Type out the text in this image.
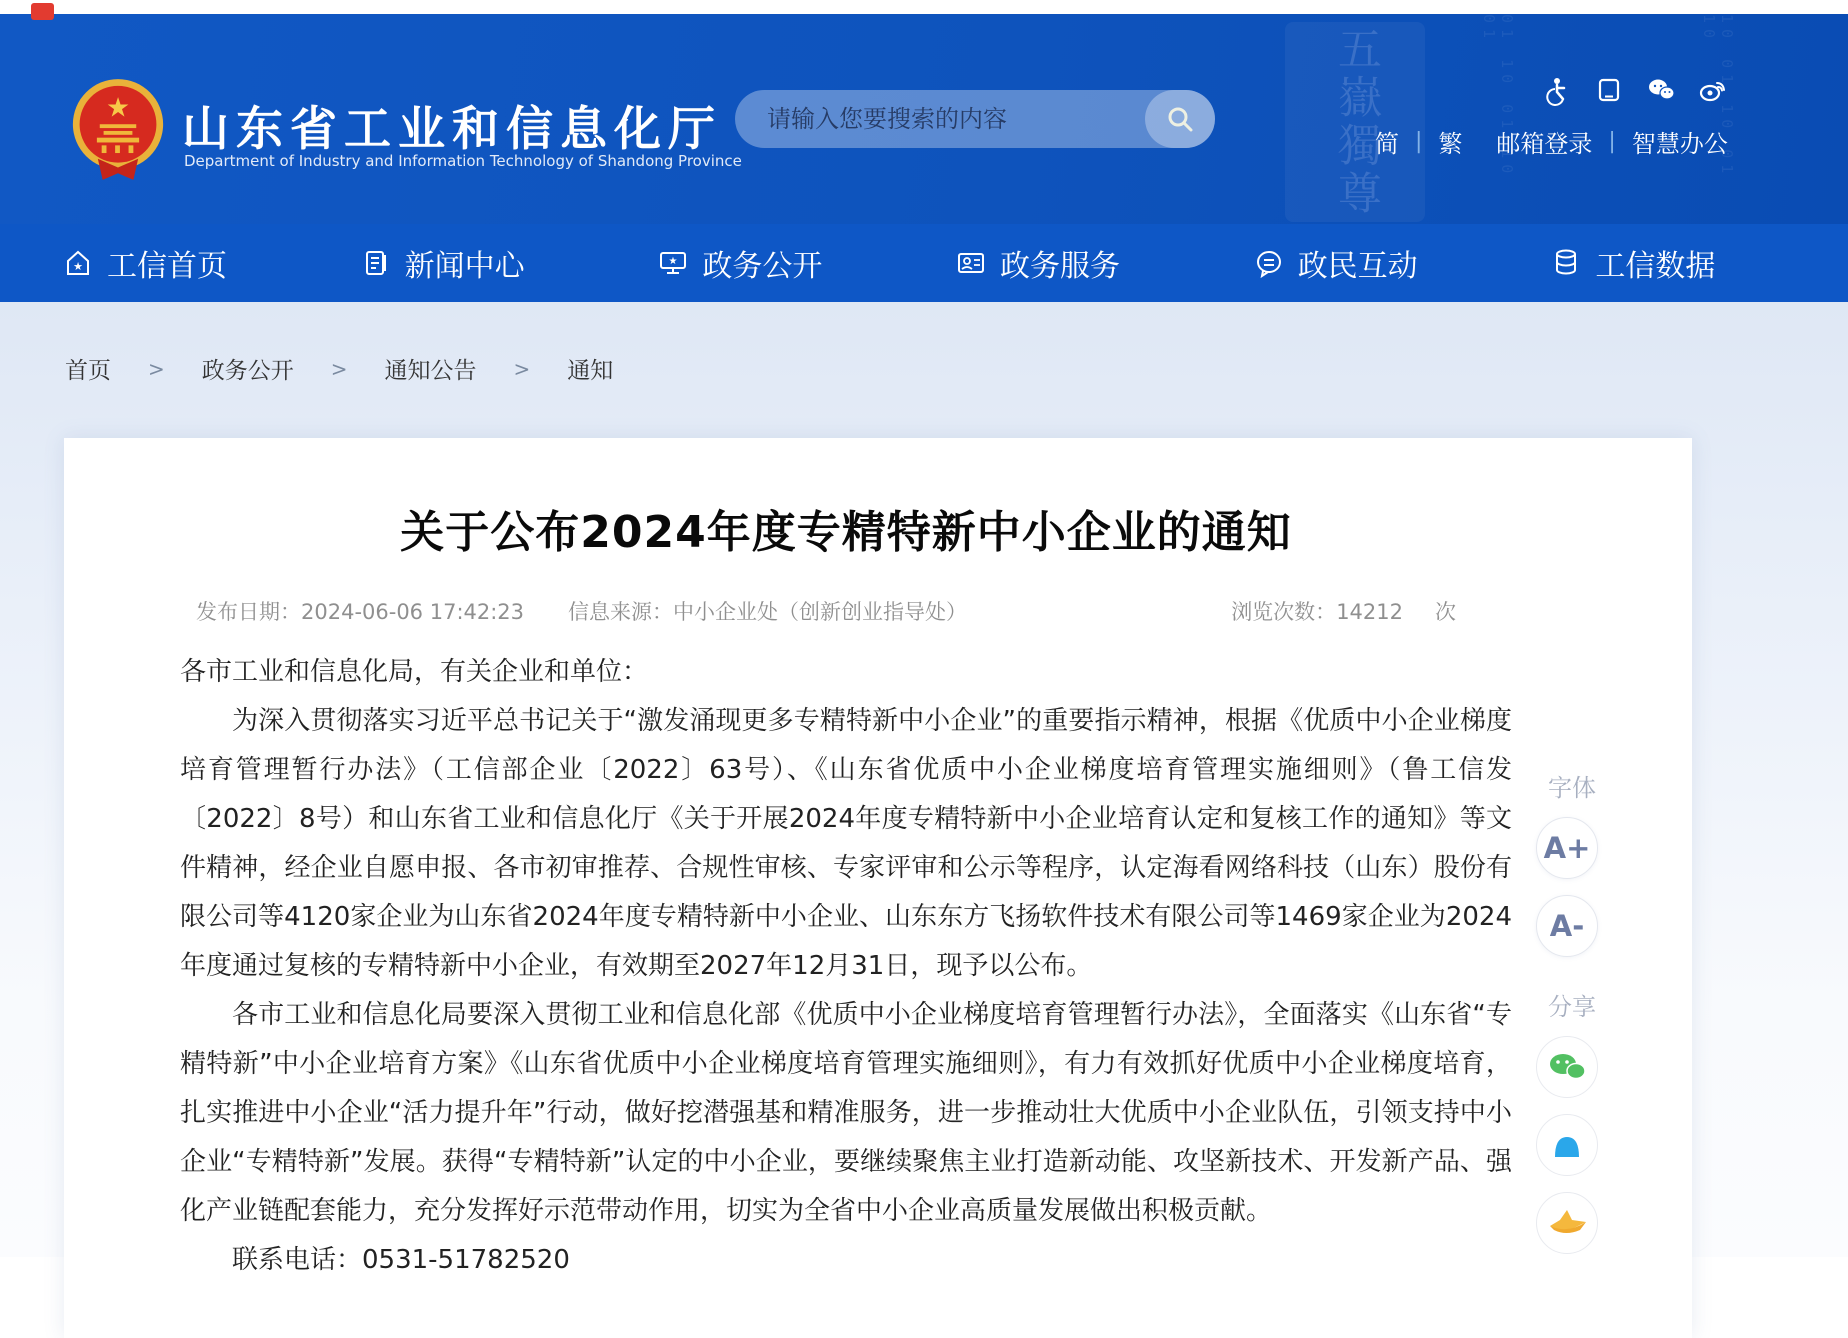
五嶽獨尊	01 10 01 10 01	10 01 10 01 10
★ 山东省工业和信息化厅
Department of Industry and Information Technology of Shandong Province
请输入您要搜索的内容
简 | 繁 邮箱登录 | 智慧办公
★ 工信首页	新闻中心	★ 政务公开	政务服务	政民互动	工信数据
首页 > 政务公开 > 通知公告 > 通知
关于公布2024年度专精特新中小企业的通知
发布日期：2024-06-06 17:42:23 信息来源：中小企业处（创新创业指导处）	浏览次数：14212 次

各市工业和信息化局，有关企业和单位：

为深入贯彻落实习近平总书记关于“激发涌现更多专精特新中小企业”的重要指示精神，根据《优质中小企业梯度培育管理暂行办法》（工信部企业〔2022〕63号）、《山东省优质中小企业梯度培育管理实施细则》（鲁工信发〔2022〕8号）和山东省工业和信息化厅《关于开展2024年度专精特新中小企业培育认定和复核工作的通知》等文件精神，经企业自愿申报、各市初审推荐、合规性审核、专家评审和公示等程序，认定海看网络科技（山东）股份有限公司等4120家企业为山东省2024年度专精特新中小企业、山东东方飞扬软件技术有限公司等1469家企业为2024年度通过复核的专精特新中小企业，有效期至2027年12月31日，现予以公布。

各市工业和信息化局要深入贯彻工业和信息化部《优质中小企业梯度培育管理暂行办法》，全面落实《山东省“专精特新”中小企业培育方案》《山东省优质中小企业梯度培育管理实施细则》，有力有效抓好优质中小企业梯度培育，扎实推进中小企业“活力提升年”行动，做好挖潜强基和精准服务，进一步推动壮大优质中小企业队伍，引领支持中小企业“专精特新”发展。获得“专精特新”认定的中小企业，要继续聚焦主业打造新动能、攻坚新技术、开发新产品、强化产业链配套能力，充分发挥好示范带动作用，切实为全省中小企业高质量发展做出积极贡献。

联系电话：0531-51782520

字体
A+
A-
分享
